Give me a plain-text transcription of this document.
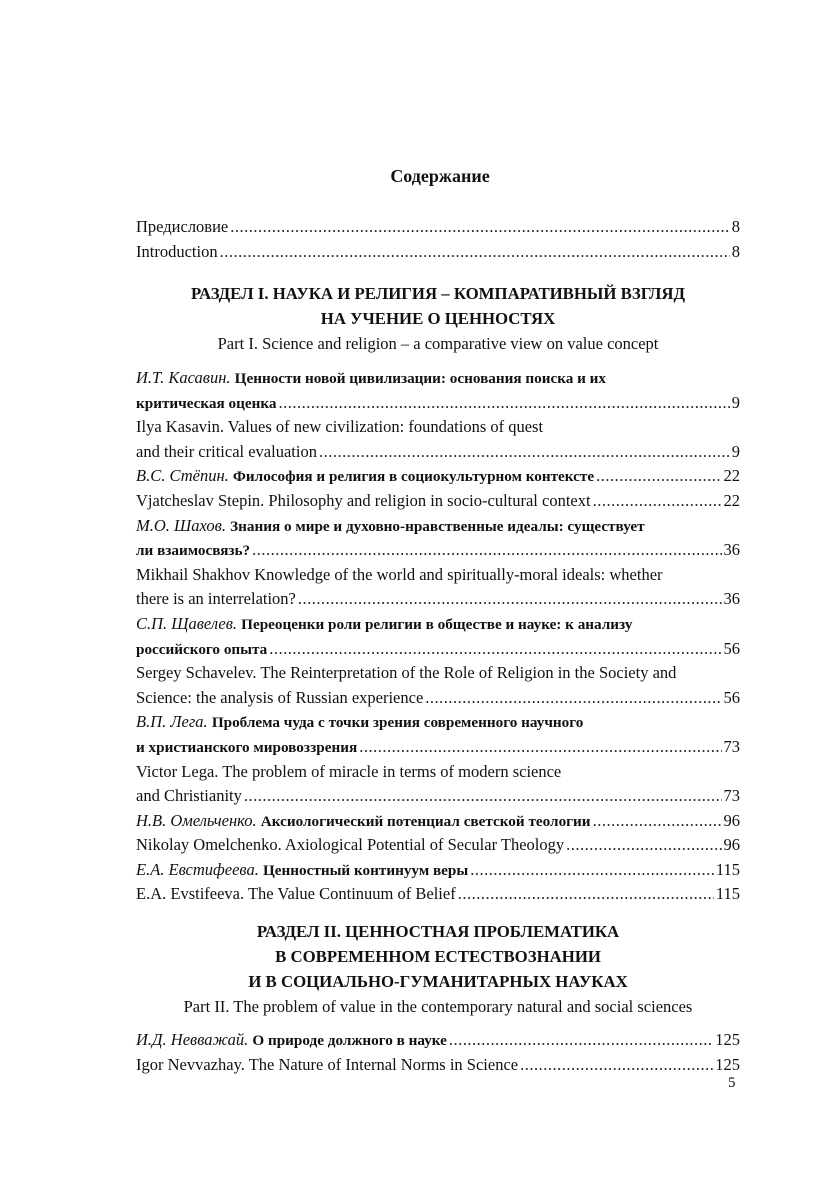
Содержание
Предисловие .....	8
Introduction .....	8
РАЗДЕЛ I. НАУКА И РЕЛИГИЯ – КОМПАРАТИВНЫЙ ВЗГЛЯД
НА УЧЕНИЕ О ЦЕННОСТЯХ
Part I. Science and religion – a comparative view on value concept
И.Т. Касавин.
Ценности новой цивилизации: основания поиска и их
критическая оценка .....	9
Ilya Kasavin. Values of new civilization: foundations of quest
and their critical evaluation .....	9
В.С. Стёпин.
Философия и религия в социокультурном контексте .....	22
Vjatcheslav Stepin. Philosophy and religion in socio-cultural context .....	22
М.О. Шахов.
Знания о мире и духовно-нравственные идеалы: существует
ли взаимосвязь? .....	36
Mikhail Shakhov Knowledge of the world and spiritually-moral ideals: whether
there is an interrelation? .....	36
С.П. Щавелев.
Переоценки роли религии в обществе и науке: к анализу
российского опыта .....	56
Sergey Schavelev. The Reinterpretation of the Role of Religion in the Society and
Science: the analysis of Russian experience .....	56
В.П. Лега.
Проблема чуда с точки зрения современного научного
и христианского мировоззрения .....	73
Victor Lega. The problem of miracle in terms of modern science
and Christianity .....	73
Н.В. Омельченко.
Аксиологический потенциал светской теологии .....	96
Nikolay Omelchenko. Axiological Potential of Secular Theology .....	96
Е.А. Евстифеева.
Ценностный континуум веры .....	115
E.A. Evstifeeva. The Value Continuum of Belief .....	115
РАЗДЕЛ II. ЦЕННОСТНАЯ ПРОБЛЕМАТИКА
В СОВРЕМЕННОМ ЕСТЕСТВОЗНАНИИ
И В СОЦИАЛЬНО-ГУМАНИТАРНЫХ НАУКАХ
Part II. The problem of value in the contemporary natural and social sciences
И.Д. Невважай.
О природе должного в науке .....	125
Igor Nevvazhay. The Nature of Internal Norms in Science .....	125
5
